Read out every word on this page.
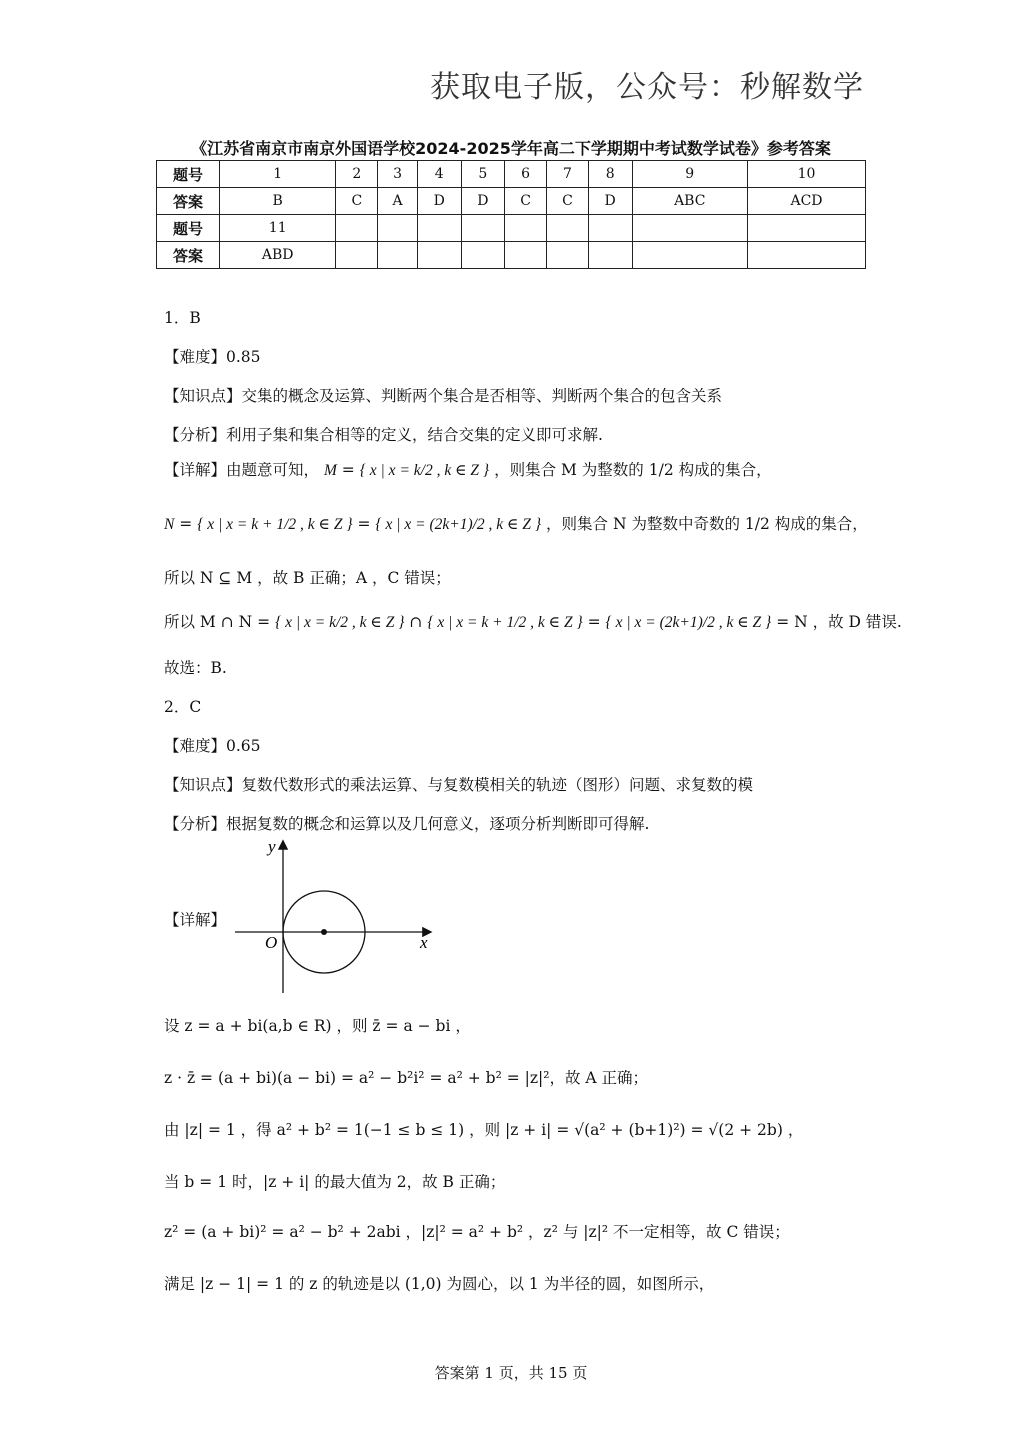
获取电子版，公众号：秒解数学
《江苏省南京市南京外国语学校2024-2025学年高二下学期期中考试数学试卷》参考答案
题号	1	2	3	4	5	6	7	8	9	10
答案	B	C	A	D	D	C	C	D	ABC	ACD
题号	11									
答案	ABD									
1．B
【难度】0.85
【知识点】交集的概念及运算、判断两个集合是否相等、判断两个集合的包含关系
【分析】利用子集和集合相等的定义，结合交集的定义即可求解.
【详解】由题意可知， M = { x | x = k/2 , k ∈ Z } ，则集合 M 为整数的 1/2 构成的集合，
N = { x | x = k + 1/2 , k ∈ Z } = { x | x = (2k+1)/2 , k ∈ Z } ，则集合 N 为整数中奇数的 1/2 构成的集合，
所以 N ⊆ M ，故 B 正确；A ，C 错误；
所以 M ∩ N = { x | x = k/2 , k ∈ Z } ∩ { x | x = k + 1/2 , k ∈ Z } = { x | x = (2k+1)/2 , k ∈ Z } = N ，故 D 错误.
故选：B.
2．C
【难度】0.65
【知识点】复数代数形式的乘法运算、与复数模相关的轨迹（图形）问题、求复数的模
【分析】根据复数的概念和运算以及几何意义，逐项分析判断即可得解.
【详解】
设 z = a + bi(a,b ∈ R) ，则 z̄ = a − bi ，
z · z̄ = (a + bi)(a − bi) = a² − b²i² = a² + b² = |z|²，故 A 正确；
由 |z| = 1 ，得 a² + b² = 1(−1 ≤ b ≤ 1) ，则 |z + i| = √(a² + (b+1)²) = √(2 + 2b) ，
当 b = 1 时，|z + i| 的最大值为 2，故 B 正确；
z² = (a + bi)² = a² − b² + 2abi ，|z|² = a² + b² ，z² 与 |z|² 不一定相等，故 C 错误；
满足 |z − 1| = 1 的 z 的轨迹是以 (1,0) 为圆心，以 1 为半径的圆，如图所示，
y
x
O
答案第 1 页，共 15 页
